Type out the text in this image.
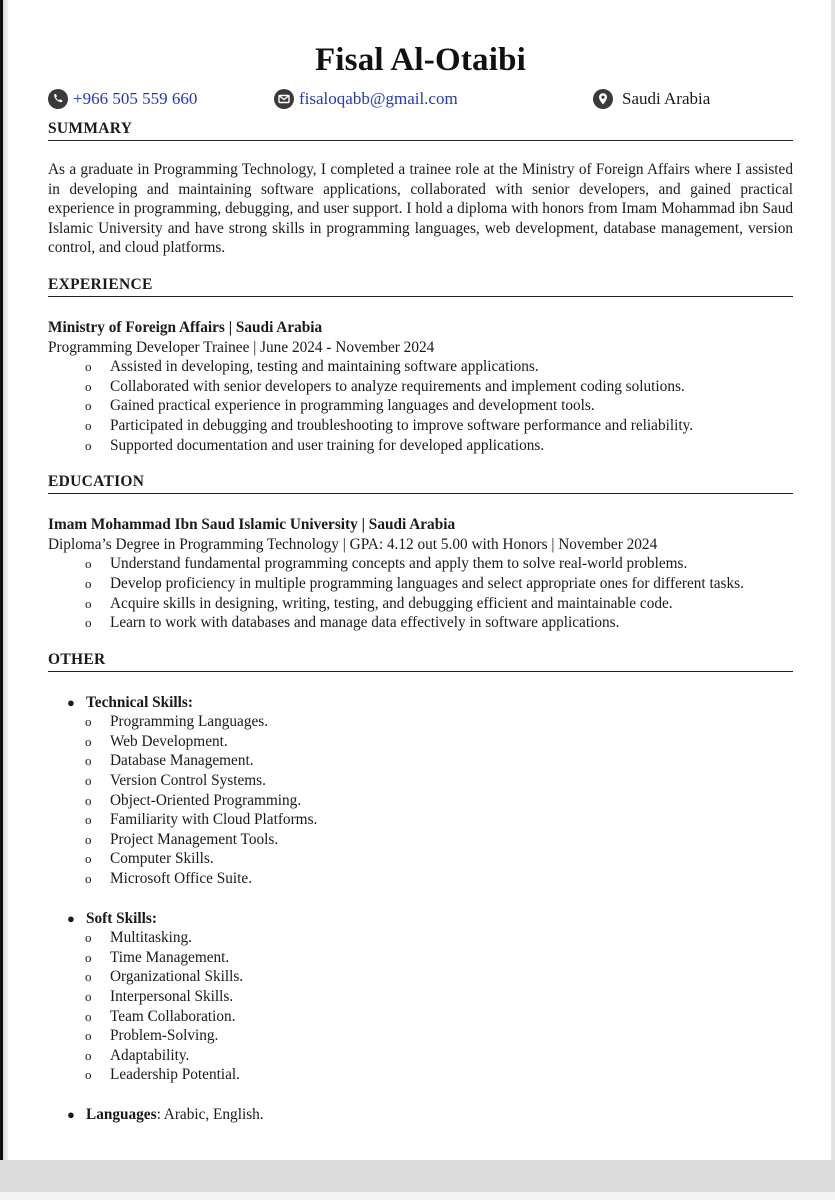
Fisal Al-Otaibi
+966 505 559 660	fisaloqabb@gmail.com	Saudi Arabia
SUMMARY

As a graduate in Programming Technology, I completed a trainee role at the Ministry of Foreign Affairs where I assisted in developing and maintaining software applications, collaborated with senior developers, and gained practical experience in programming, debugging, and user support. I hold a diploma with honors from Imam Mohammad ibn Saud Islamic University and have strong skills in programming languages, web development, database management, version control, and cloud platforms.

EXPERIENCE
Ministry of Foreign Affairs | Saudi Arabia
Programming Developer Trainee | June 2024 - November 2024
o	Assisted in developing, testing and maintaining software applications.
o	Collaborated with senior developers to analyze requirements and implement coding solutions.
o	Gained practical experience in programming languages and development tools.
o	Participated in debugging and troubleshooting to improve software performance and reliability.
o	Supported documentation and user training for developed applications.
EDUCATION
Imam Mohammad Ibn Saud Islamic University | Saudi Arabia
Diploma’s Degree in Programming Technology | GPA: 4.12 out 5.00 with Honors | November 2024
o	Understand fundamental programming concepts and apply them to solve real-world problems.
o	Develop proficiency in multiple programming languages and select appropriate ones for different tasks.
o	Acquire skills in designing, writing, testing, and debugging efficient and maintainable code.
o	Learn to work with databases and manage data effectively in software applications.
OTHER
● Technical Skills:
o	Programming Languages.
o	Web Development.
o	Database Management.
o	Version Control Systems.
o	Object-Oriented Programming.
o	Familiarity with Cloud Platforms.
o	Project Management Tools.
o	Computer Skills.
o	Microsoft Office Suite.
● Soft Skills:
o	Multitasking.
o	Time Management.
o	Organizational Skills.
o	Interpersonal Skills.
o	Team Collaboration.
o	Problem-Solving.
o	Adaptability.
o	Leadership Potential.
● Languages: Arabic, English.
